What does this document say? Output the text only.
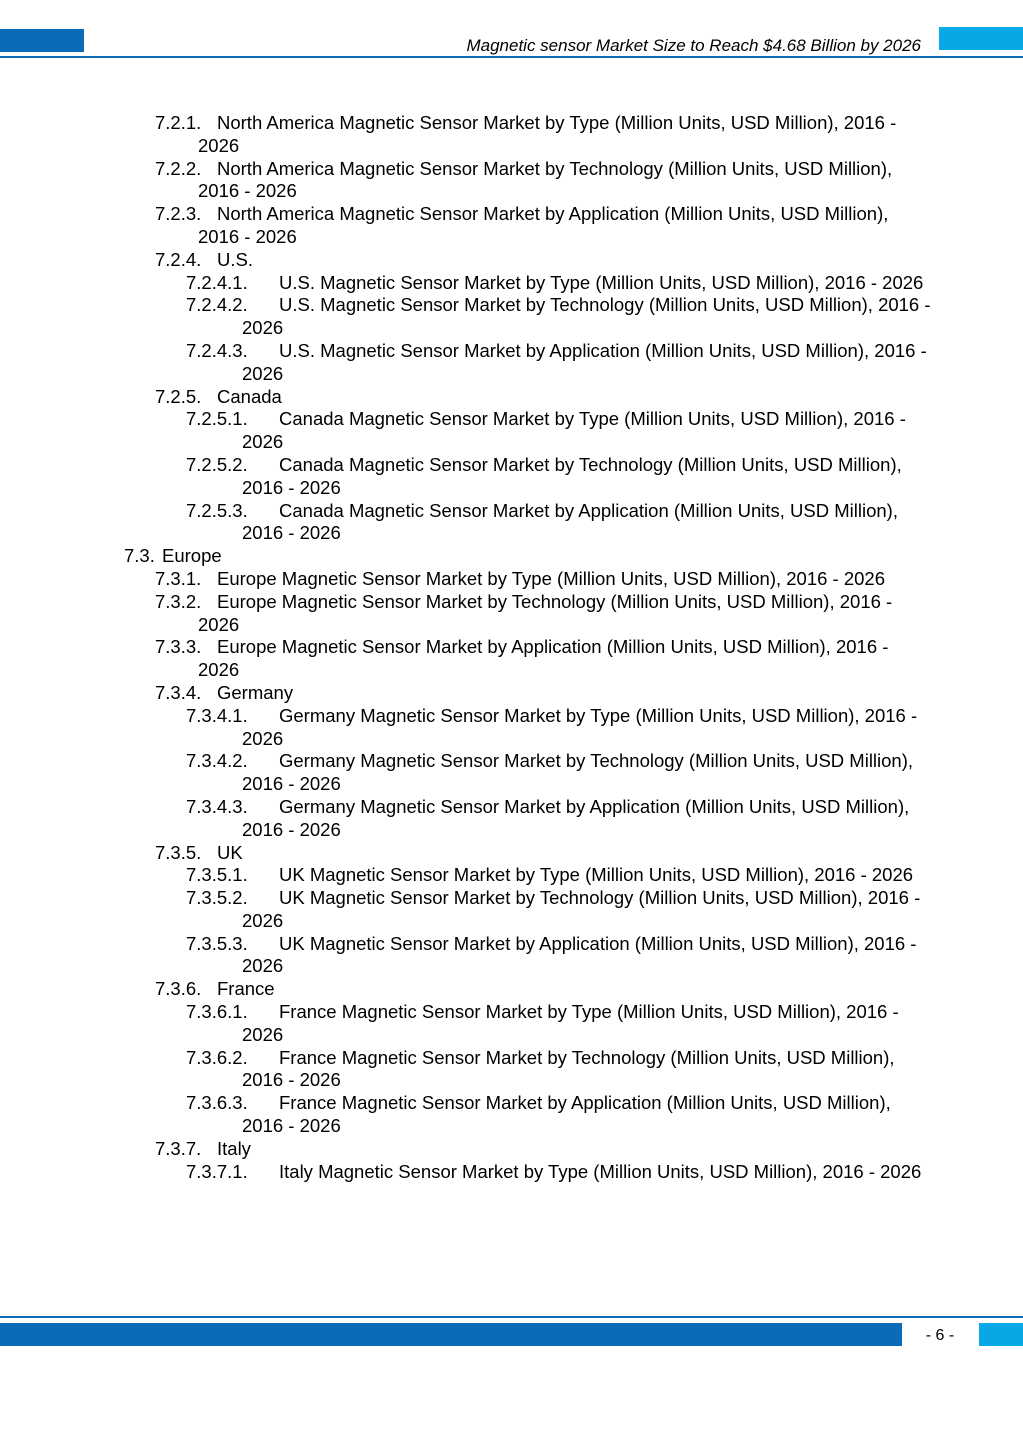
Magnetic sensor Market Size to Reach $4.68 Billion by 2026
7.2.1. North America Magnetic Sensor Market by Type (Million Units, USD Million), 2016 - 2026
7.2.2. North America Magnetic Sensor Market by Technology (Million Units, USD Million), 2016 - 2026
7.2.3. North America Magnetic Sensor Market by Application (Million Units, USD Million), 2016 - 2026
7.2.4. U.S.
7.2.4.1. U.S. Magnetic Sensor Market by Type (Million Units, USD Million), 2016 - 2026
7.2.4.2. U.S. Magnetic Sensor Market by Technology (Million Units, USD Million), 2016 - 2026
7.2.4.3. U.S. Magnetic Sensor Market by Application (Million Units, USD Million), 2016 - 2026
7.2.5. Canada
7.2.5.1. Canada Magnetic Sensor Market by Type (Million Units, USD Million), 2016 - 2026
7.2.5.2. Canada Magnetic Sensor Market by Technology (Million Units, USD Million), 2016 - 2026
7.2.5.3. Canada Magnetic Sensor Market by Application (Million Units, USD Million), 2016 - 2026
7.3. Europe
7.3.1. Europe Magnetic Sensor Market by Type (Million Units, USD Million), 2016 - 2026
7.3.2. Europe Magnetic Sensor Market by Technology (Million Units, USD Million), 2016 - 2026
7.3.3. Europe Magnetic Sensor Market by Application (Million Units, USD Million), 2016 - 2026
7.3.4. Germany
7.3.4.1. Germany Magnetic Sensor Market by Type (Million Units, USD Million), 2016 - 2026
7.3.4.2. Germany Magnetic Sensor Market by Technology (Million Units, USD Million), 2016 - 2026
7.3.4.3. Germany Magnetic Sensor Market by Application (Million Units, USD Million), 2016 - 2026
7.3.5. UK
7.3.5.1. UK Magnetic Sensor Market by Type (Million Units, USD Million), 2016 - 2026
7.3.5.2. UK Magnetic Sensor Market by Technology (Million Units, USD Million), 2016 - 2026
7.3.5.3. UK Magnetic Sensor Market by Application (Million Units, USD Million), 2016 - 2026
7.3.6. France
7.3.6.1. France Magnetic Sensor Market by Type (Million Units, USD Million), 2016 - 2026
7.3.6.2. France Magnetic Sensor Market by Technology (Million Units, USD Million), 2016 - 2026
7.3.6.3. France Magnetic Sensor Market by Application (Million Units, USD Million), 2016 - 2026
7.3.7. Italy
7.3.7.1. Italy Magnetic Sensor Market by Type (Million Units, USD Million), 2016 - 2026
- 6 -
